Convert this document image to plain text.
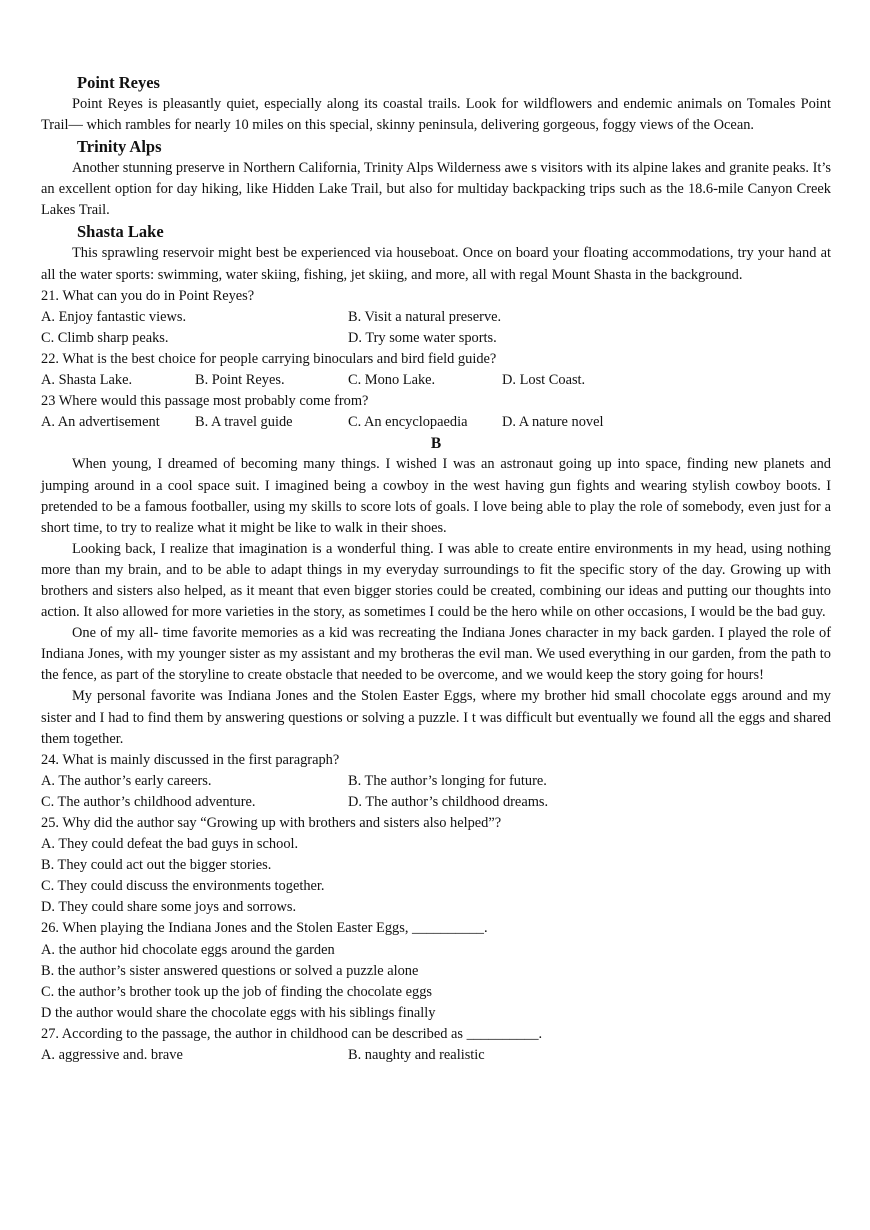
Point Reyes

Point Reyes is pleasantly quiet, especially along its coastal trails. Look for wildflowers and endemic animals on Tomales Point Trail— which rambles for nearly 10 miles on this special, skinny peninsula, delivering gorgeous, foggy views of the Ocean.

Trinity Alps

Another stunning preserve in Northern California, Trinity Alps Wilderness awe s visitors with its alpine lakes and granite peaks. It’s an excellent option for day hiking, like Hidden Lake Trail, but also for multiday backpacking trips such as the 18.6-mile Canyon Creek Lakes Trail.

Shasta Lake

This sprawling reservoir might best be experienced via houseboat. Once on board your floating accommodations, try your hand at all the water sports: swimming, water skiing, fishing, jet skiing, and more, all with regal Mount Shasta in the background.

21. What can you do in Point Reyes?
A. Enjoy fantastic views.	B. Visit a natural preserve.
C. Climb sharp peaks.	D. Try some water sports.
22. What is the best choice for people carrying binoculars and bird field guide?
A. Shasta Lake.	B. Point Reyes.	C. Mono Lake.	D. Lost Coast.
23 Where would this passage most probably come from?
A. An advertisement	B. A travel guide	C. An encyclopaedia	D. A nature novel
B

When young, I dreamed of becoming many things. I wished I was an astronaut going up into space, finding new planets and jumping around in a cool space suit. I imagined being a cowboy in the west having gun fights and wearing stylish cowboy boots. I pretended to be a famous footballer, using my skills to score lots of goals. I love being able to play the role of somebody, even just for a short time, to try to realize what it might be like to walk in their shoes.

Looking back, I realize that imagination is a wonderful thing. I was able to create entire environments in my head, using nothing more than my brain, and to be able to adapt things in my everyday surroundings to fit the specific story of the day. Growing up with brothers and sisters also helped, as it meant that even bigger stories could be created, combining our ideas and putting our thoughts into action. It also allowed for more varieties in the story, as sometimes I could be the hero while on other occasions, I would be the bad guy.

One of my all- time favorite memories as a kid was recreating the Indiana Jones character in my back garden. I played the role of Indiana Jones, with my younger sister as my assistant and my brotheras the evil man. We used everything in our garden, from the path to the fence, as part of the storyline to create obstacle that needed to be overcome, and we would keep the story going for hours!

My personal favorite was Indiana Jones and the Stolen Easter Eggs, where my brother hid small chocolate eggs around and my sister and I had to find them by answering questions or solving a puzzle. I t was difficult but eventually we found all the eggs and shared them together.

24. What is mainly discussed in the first paragraph?
A. The author’s early careers.	B. The author’s longing for future.
C. The author’s childhood adventure.	D. The author’s childhood dreams.
25. Why did the author say “Growing up with brothers and sisters also helped”?
A. They could defeat the bad guys in school.
B. They could act out the bigger stories.
C. They could discuss the environments together.
D. They could share some joys and sorrows.
26. When playing the Indiana Jones and the Stolen Easter Eggs, __________.
A. the author hid chocolate eggs around the garden
B. the author’s sister answered questions or solved a puzzle alone
C. the author’s brother took up the job of finding the chocolate eggs
D the author would share the chocolate eggs with his siblings finally
27. According to the passage, the author in childhood can be described as __________.
A. aggressive and. brave	B. naughty and realistic
